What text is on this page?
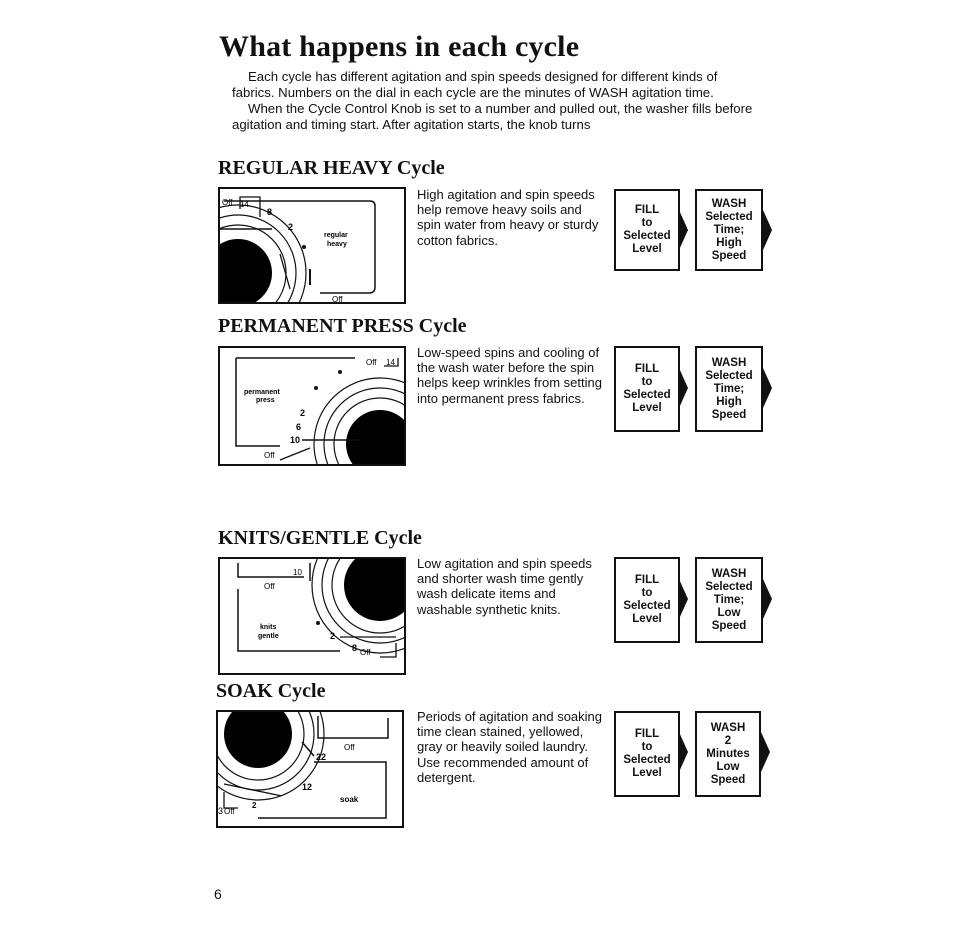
What happens in each cycle

Each cycle has different agitation and spin speeds designed for different kinds of fabrics. Numbers on the dial in each cycle are the minutes of WASH agitation time.

When the Cycle Control Knob is set to a number and pulled out, the washer fills before agitation and timing start. After agitation starts, the knob turns

REGULAR HEAVY Cycle
Off 14
8
2
regular
heavy
Off

High agitation and spin speeds help remove heavy soils and spin water from heavy or sturdy cotton fabrics.

FILL
to
Selected
Level
WASH
Selected
Time;
High
Speed
PERMANENT PRESS Cycle
Off 14
permanent
press
2
6
10
Off

Low-speed spins and cooling of the wash water before the spin helps keep wrinkles from setting into permanent press fabrics.

FILL
to
Selected
Level
WASH
Selected
Time;
High
Speed
KNITS/GENTLE Cycle
10
Off
knits
gentle	2
8 Off

Low agitation and spin speeds and shorter wash time gently wash delicate items and washable synthetic knits.

FILL
to
Selected
Level
WASH
Selected
Time;
Low
Speed
SOAK Cycle
Off
22
12
soak
3 Off
2

Periods of agitation and soaking time clean stained, yellowed, gray or heavily soiled laundry. Use recommended amount of detergent.

FILL
to
Selected
Level
WASH
2
Minutes
Low
Speed
6
